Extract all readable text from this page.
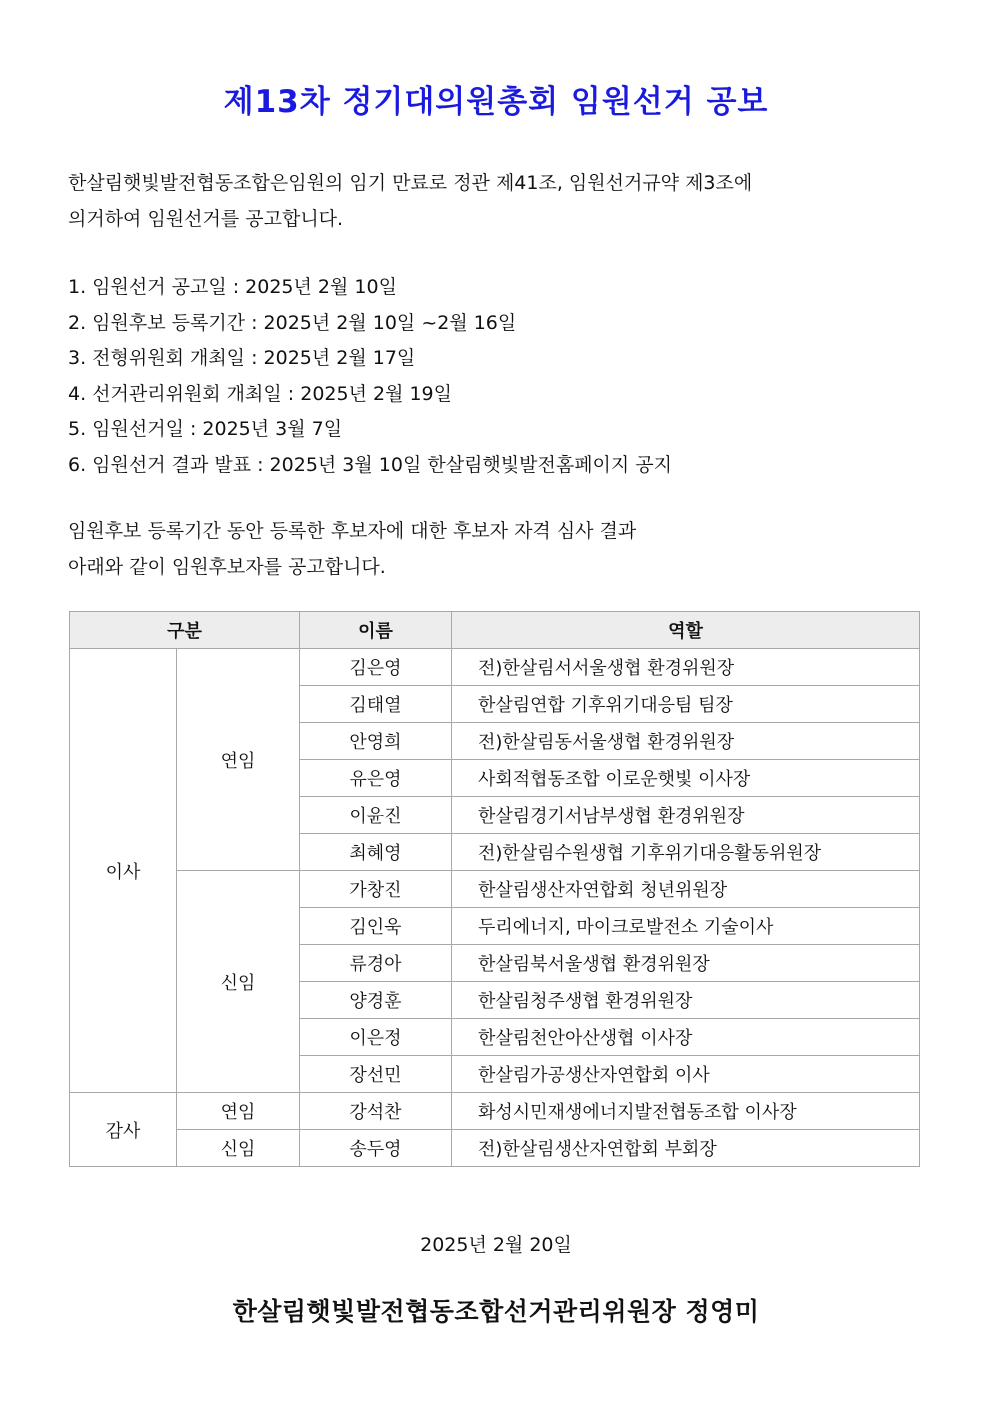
제13차 정기대의원총회 임원선거 공보

한살림햇빛발전협동조합은임원의 임기 만료로 정관 제41조, 임원선거규약 제3조에
의거하여 임원선거를 공고합니다.

1. 임원선거 공고일 : 2025년 2월 10일
2. 임원후보 등록기간 : 2025년 2월 10일 ~2월 16일
3. 전형위원회 개최일 : 2025년 2월 17일
4. 선거관리위원회 개최일 : 2025년 2월 19일
5. 임원선거일 : 2025년 3월 7일
6. 임원선거 결과 발표 : 2025년 3월 10일 한살림햇빛발전홈페이지 공지

임원후보 등록기간 동안 등록한 후보자에 대한 후보자 자격 심사 결과
아래와 같이 임원후보자를 공고합니다.

구분		이름	역할
이사	연임	김은영	전)한살림서서울생협 환경위원장
		김태열	한살림연합 기후위기대응팀 팀장
		안영희	전)한살림동서울생협 환경위원장
		유은영	사회적협동조합 이로운햇빛 이사장
		이윤진	한살림경기서남부생협 환경위원장
		최혜영	전)한살림수원생협 기후위기대응활동위원장
	신임	가창진	한살림생산자연합회 청년위원장
		김인욱	두리에너지, 마이크로발전소 기술이사
		류경아	한살림북서울생협 환경위원장
		양경훈	한살림청주생협 환경위원장
		이은정	한살림천안아산생협 이사장
		장선민	한살림가공생산자연합회 이사
감사	연임	강석찬	화성시민재생에너지발전협동조합 이사장
	신임	송두영	전)한살림생산자연합회 부회장

2025년 2월 20일

한살림햇빛발전협동조합선거관리위원장 정영미
